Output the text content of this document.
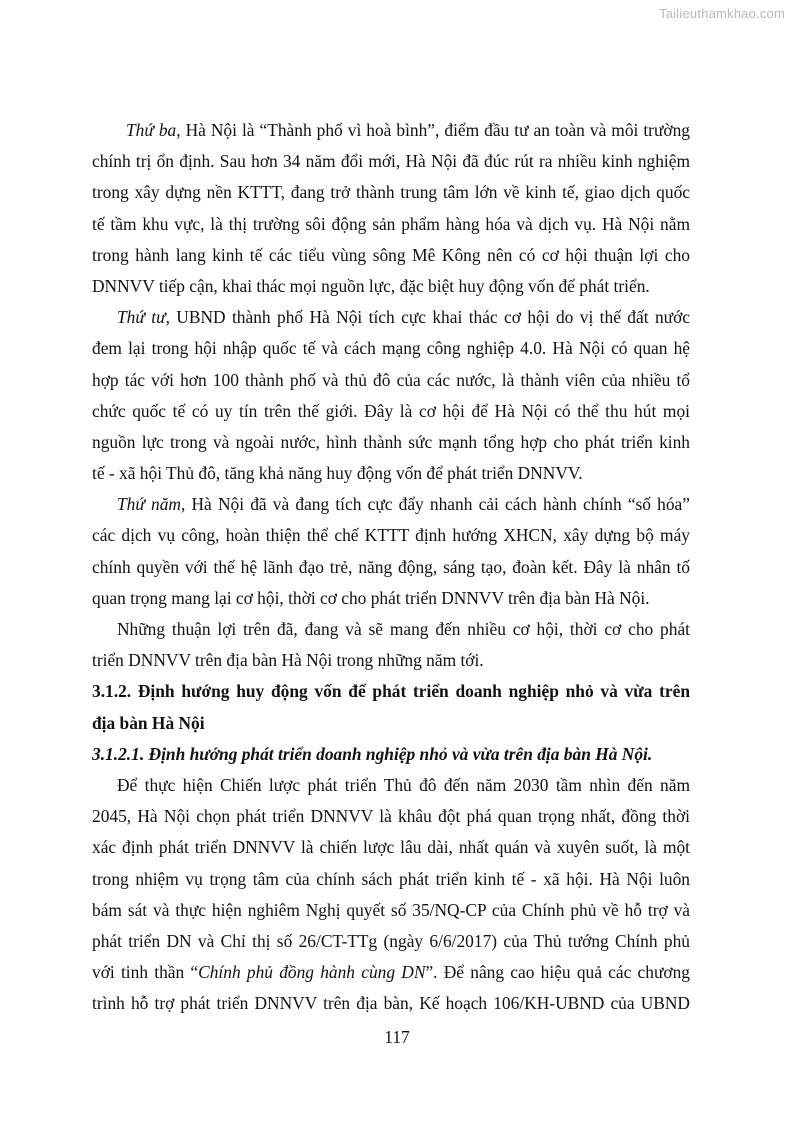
Tailieuthamkhao.com
Thứ ba, Hà Nội là “Thành phố vì hoà bình”, điểm đầu tư an toàn và môi trường
chính trị ổn định. Sau hơn 34 năm đổi mới, Hà Nội đã đúc rút ra nhiều kinh nghiệm
trong xây dựng nền KTTT, đang trở thành trung tâm lớn về kinh tế, giao dịch quốc
tế tầm khu vực, là thị trường sôi động sản phẩm hàng hóa và dịch vụ. Hà Nội nằm
trong hành lang kinh tế các tiểu vùng sông Mê Kông nên có cơ hội thuận lợi cho
DNNVV tiếp cận, khai thác mọi nguồn lực, đặc biệt huy động vốn để phát triển.
Thứ tư, UBND thành phố Hà Nội tích cực khai thác cơ hội do vị thế đất nước
đem lại trong hội nhập quốc tế và cách mạng công nghiệp 4.0. Hà Nội có quan hệ
hợp tác với hơn 100 thành phố và thủ đô của các nước, là thành viên của nhiều tổ
chức quốc tế có uy tín trên thế giới. Đây là cơ hội để Hà Nội có thể thu hút mọi
nguồn lực trong và ngoài nước, hình thành sức mạnh tổng hợp cho phát triển kinh
tế - xã hội Thủ đô, tăng khả năng huy động vốn để phát triển DNNVV.
Thứ năm, Hà Nội đã và đang tích cực đẩy nhanh cải cách hành chính “số hóa”
các dịch vụ công, hoàn thiện thể chế KTTT định hướng XHCN, xây dựng bộ máy
chính quyền với thế hệ lãnh đạo trẻ, năng động, sáng tạo, đoàn kết. Đây là nhân tố
quan trọng mang lại cơ hội, thời cơ cho phát triển DNNVV trên địa bàn Hà Nội.
Những thuận lợi trên đã, đang và sẽ mang đến nhiều cơ hội, thời cơ cho phát
triển DNNVV trên địa bàn Hà Nội trong những năm tới.
3.1.2. Định hướng huy động vốn để phát triển doanh nghiệp nhỏ và vừa trên
địa bàn Hà Nội
3.1.2.1. Định hướng phát triển doanh nghiệp nhỏ và vừa trên địa bàn Hà Nội.
Để thực hiện Chiến lược phát triển Thủ đô đến năm 2030 tầm nhìn đến năm
2045, Hà Nội chọn phát triển DNNVV là khâu đột phá quan trọng nhất, đồng thời
xác định phát triển DNNVV là chiến lược lâu dài, nhất quán và xuyên suốt, là một
trong nhiệm vụ trọng tâm của chính sách phát triển kinh tế - xã hội. Hà Nội luôn
bám sát và thực hiện nghiêm Nghị quyết số 35/NQ-CP của Chính phủ về hỗ trợ và
phát triển DN và Chỉ thị số 26/CT-TTg (ngày 6/6/2017) của Thủ tướng Chính phủ
với tinh thần “Chính phủ đồng hành cùng DN”. Để nâng cao hiệu quả các chương
trình hỗ trợ phát triển DNNVV trên địa bàn, Kế hoạch 106/KH-UBND của UBND
117
